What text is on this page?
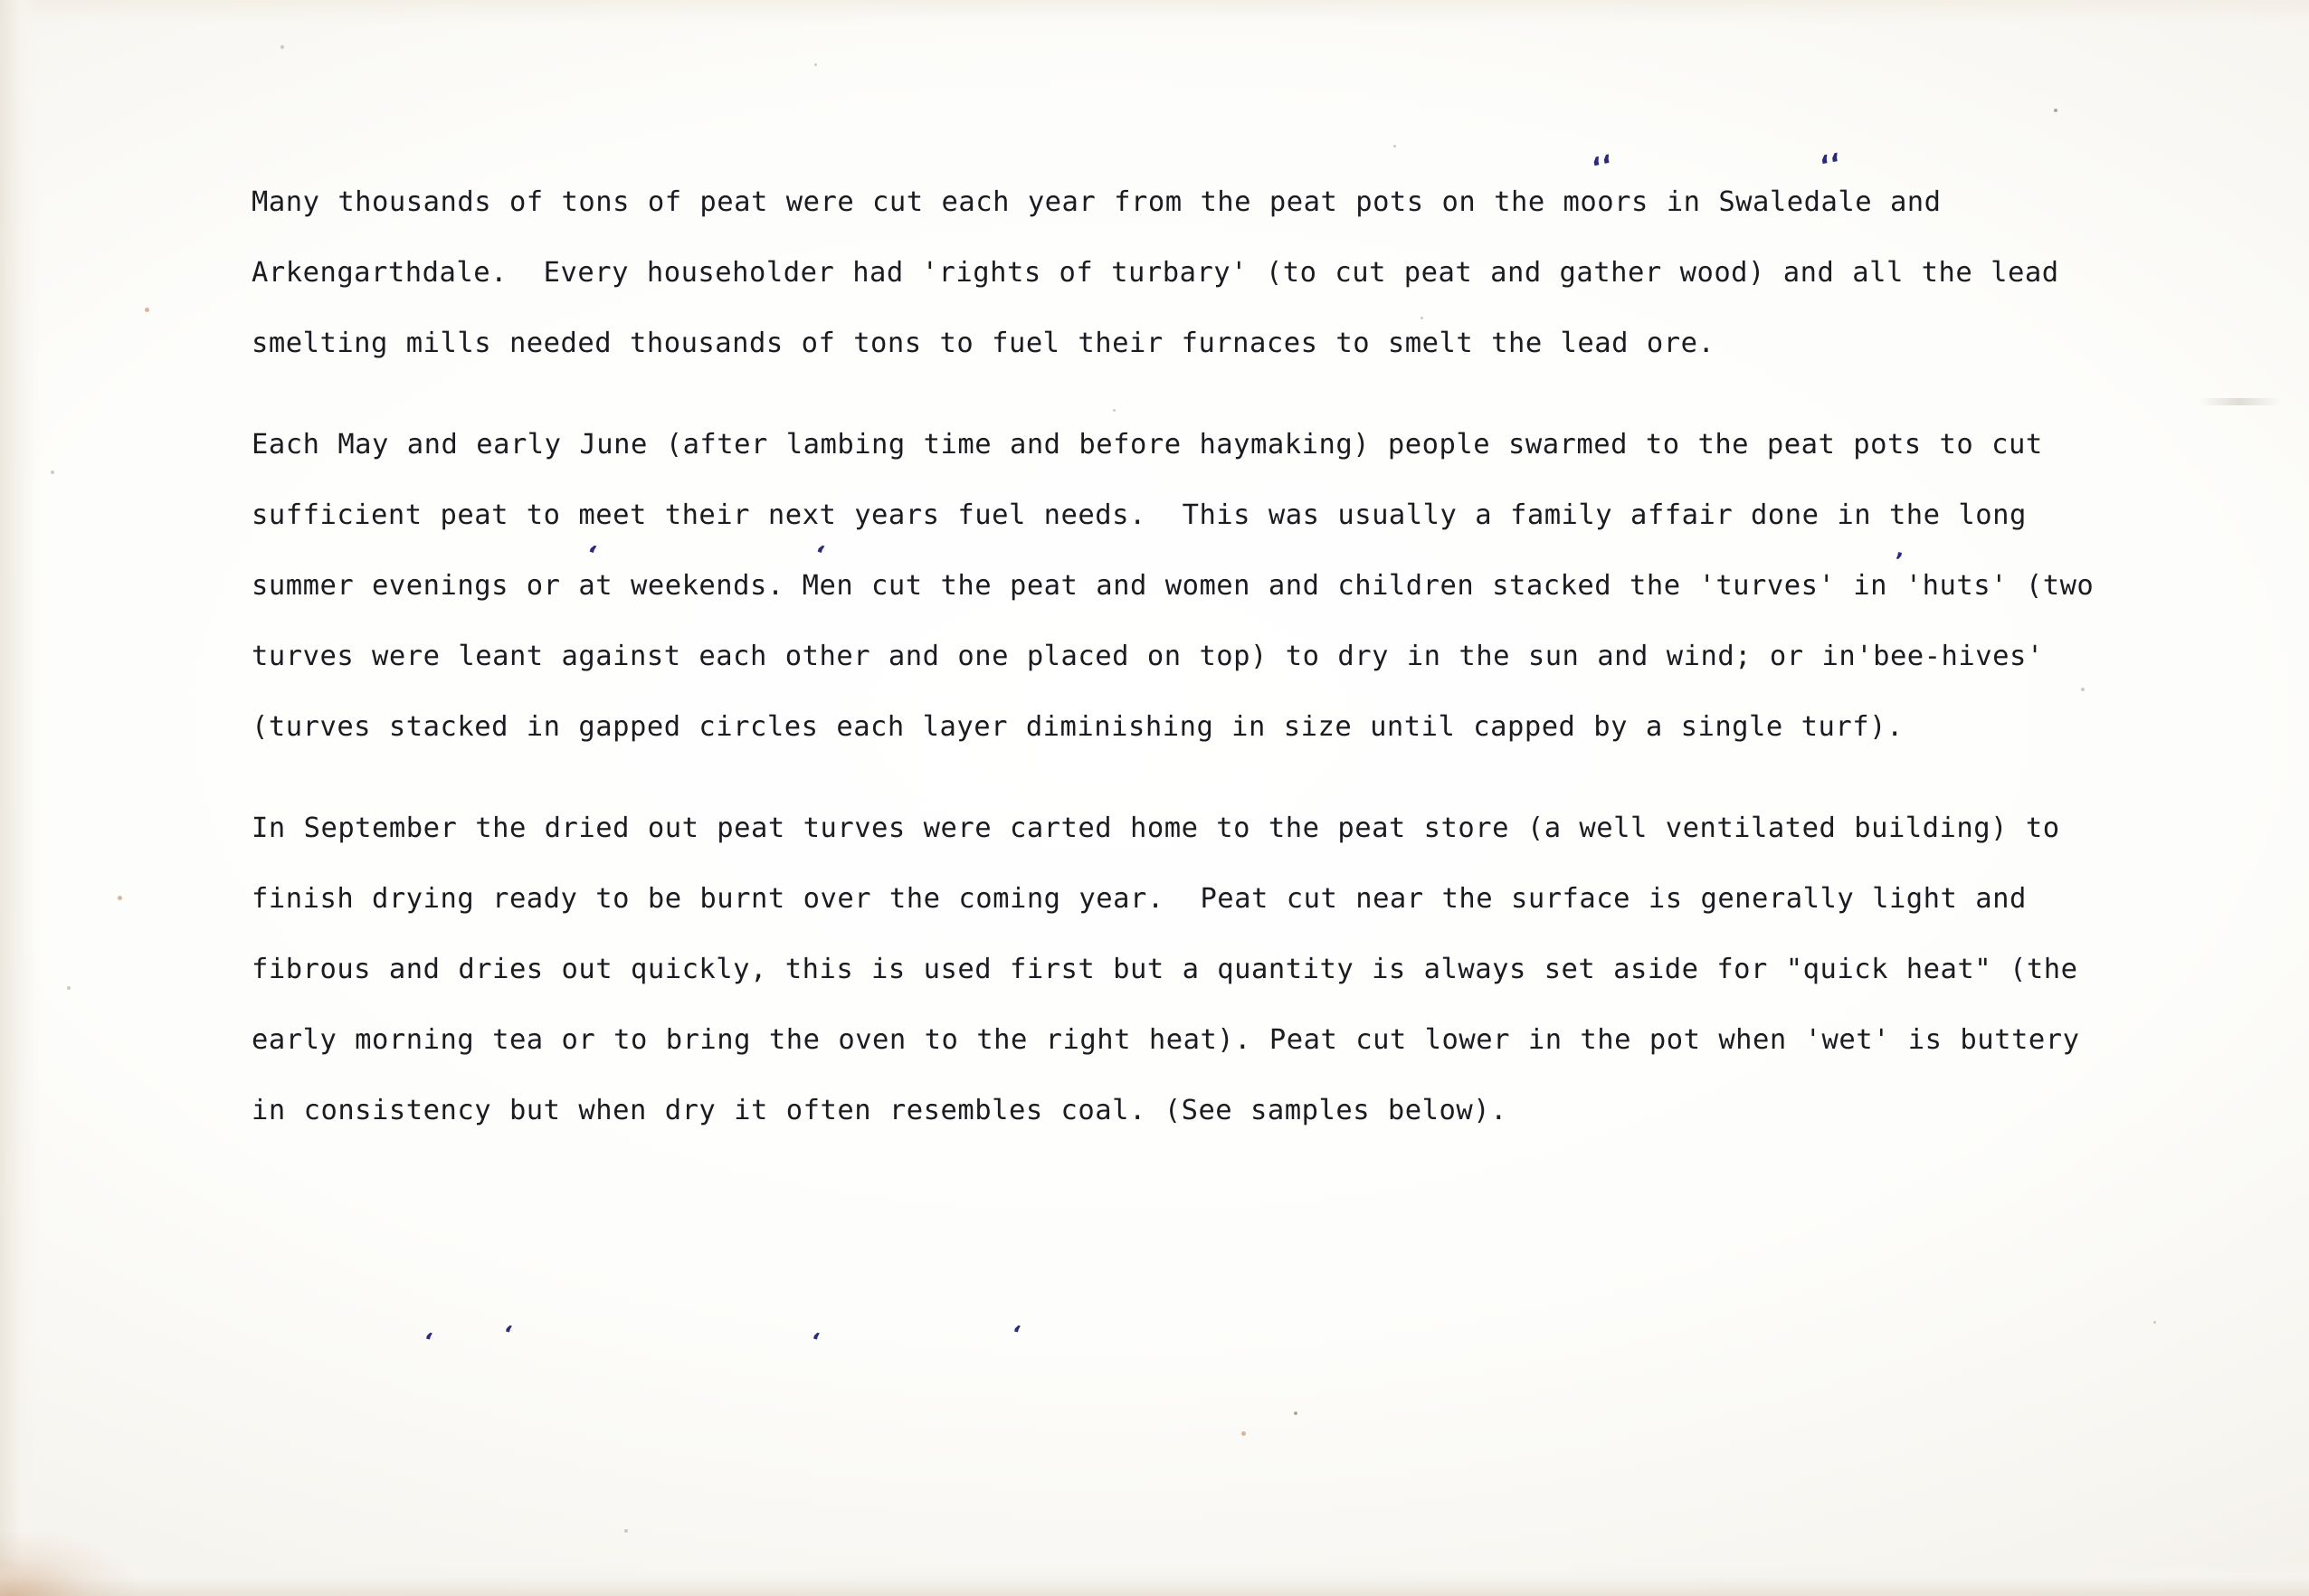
Many thousands of tons of peat were cut each year from the peat pots on the moors in Swaledale and Arkengarthdale.  Every householder had 'rights of turbary' (to cut peat and gather wood) and all the lead smelting mills needed thousands of tons to fuel their furnaces to smelt the lead ore.

Each May and early June (after lambing time and before haymaking) people swarmed to the peat pots to cut sufficient peat to meet their next years fuel needs.  This was usually a family affair done in the long summer evenings or at weekends. Men cut the peat and women and children stacked the 'turves' in 'huts' (two turves were leant against each other and one placed on top) to dry in the sun and wind; or in'bee-hives' (turves stacked in gapped circles each layer diminishing in size until capped by a single turf).

In September the dried out peat turves were carted home to the peat store (a well ventilated building) to finish drying ready to be burnt over the coming year.  Peat cut near the surface is generally light and fibrous and dries out quickly, this is used first but a quantity is always set aside for "quick heat" (the early morning tea or to bring the oven to the right heat). Peat cut lower in the pot when 'wet' is buttery in consistency but when dry it often resembles coal. (See samples below).

‘‘	‘‘
‘	‘	’
‘	‘	‘	‘
